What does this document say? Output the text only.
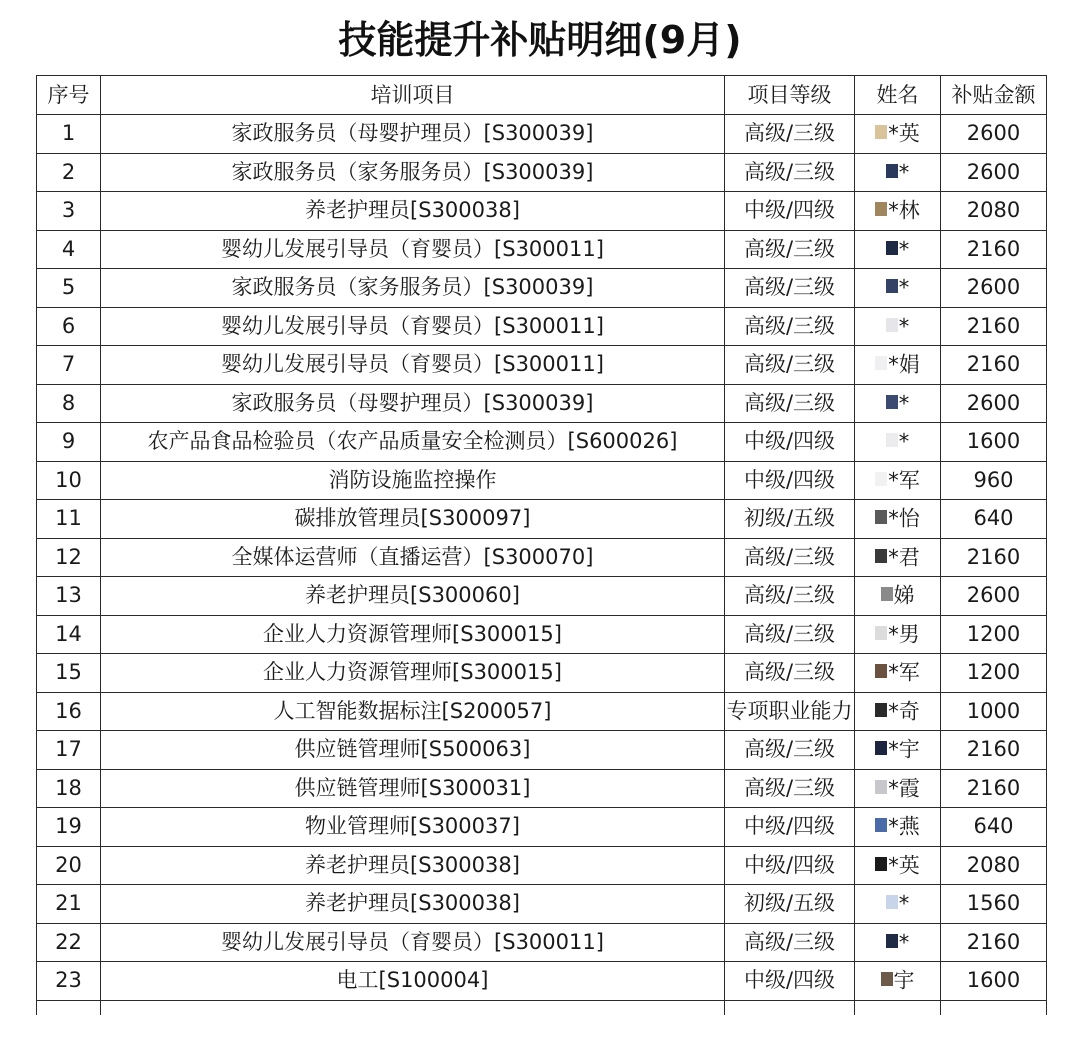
技能提升补贴明细(9月)
序号	培训项目	项目等级	姓名	补贴金额
1	家政服务员（母婴护理员）[S300039]	高级/三级	*英	2600
2	家政服务员（家务服务员）[S300039]	高级/三级	*	2600
3	养老护理员[S300038]	中级/四级	*林	2080
4	婴幼儿发展引导员（育婴员）[S300011]	高级/三级	*	2160
5	家政服务员（家务服务员）[S300039]	高级/三级	*	2600
6	婴幼儿发展引导员（育婴员）[S300011]	高级/三级	*	2160
7	婴幼儿发展引导员（育婴员）[S300011]	高级/三级	*娟	2160
8	家政服务员（母婴护理员）[S300039]	高级/三级	*	2600
9	农产品食品检验员（农产品质量安全检测员）[S600026]	中级/四级	*	1600
10	消防设施监控操作	中级/四级	*军	960
11	碳排放管理员[S300097]	初级/五级	*怡	640
12	全媒体运营师（直播运营）[S300070]	高级/三级	*君	2160
13	养老护理员[S300060]	高级/三级	娣	2600
14	企业人力资源管理师[S300015]	高级/三级	*男	1200
15	企业人力资源管理师[S300015]	高级/三级	*军	1200
16	人工智能数据标注[S200057]	专项职业能力	*奇	1000
17	供应链管理师[S500063]	高级/三级	*宇	2160
18	供应链管理师[S300031]	高级/三级	*霞	2160
19	物业管理师[S300037]	中级/四级	*燕	640
20	养老护理员[S300038]	中级/四级	*英	2080
21	养老护理员[S300038]	初级/五级	*	1560
22	婴幼儿发展引导员（育婴员）[S300011]	高级/三级	*	2160
23	电工[S100004]	中级/四级	宇	1600
